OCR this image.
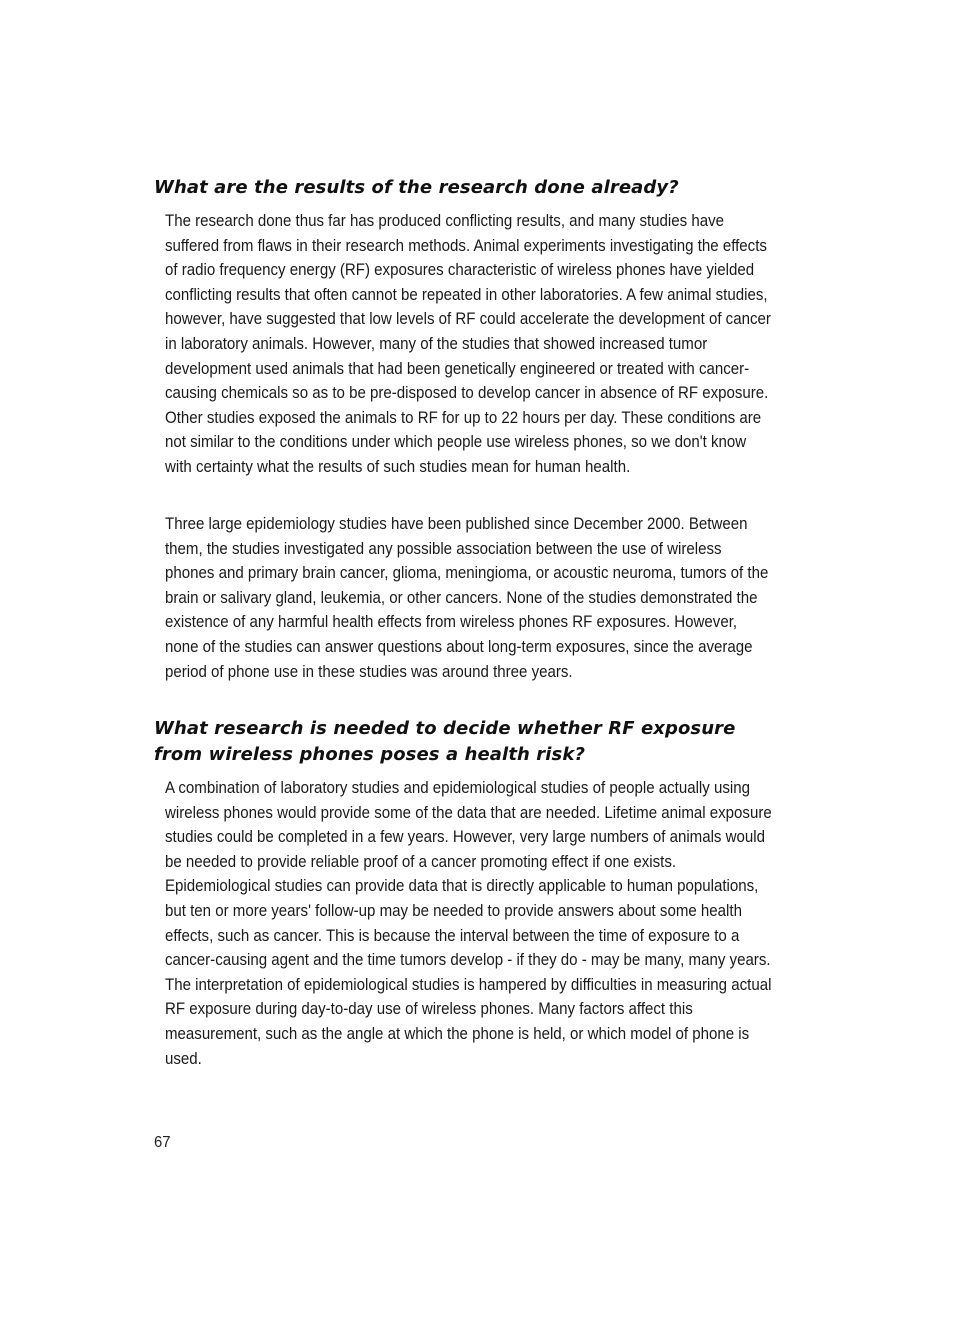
What are the results of the research done already?

The research done thus far has produced conflicting results, and many studies have suffered from flaws in their research methods. Animal experiments investigating the effects of radio frequency energy (RF) exposures characteristic of wireless phones have yielded conflicting results that often cannot be repeated in other laboratories. A few animal studies, however, have suggested that low levels of RF could accelerate the development of cancer in laboratory animals. However, many of the studies that showed increased tumor development used animals that had been genetically engineered or treated with cancer-causing chemicals so as to be pre-disposed to develop cancer in absence of RF exposure. Other studies exposed the animals to RF for up to 22 hours per day. These conditions are not similar to the conditions under which people use wireless phones, so we don't know with certainty what the results of such studies mean for human health.

Three large epidemiology studies have been published since December 2000. Between them, the studies investigated any possible association between the use of wireless phones and primary brain cancer, glioma, meningioma, or acoustic neuroma, tumors of the brain or salivary gland, leukemia, or other cancers. None of the studies demonstrated the existence of any harmful health effects from wireless phones RF exposures. However, none of the studies can answer questions about long-term exposures, since the average period of phone use in these studies was around three years.

What research is needed to decide whether RF exposure from wireless phones poses a health risk?

A combination of laboratory studies and epidemiological studies of people actually using wireless phones would provide some of the data that are needed. Lifetime animal exposure studies could be completed in a few years. However, very large numbers of animals would be needed to provide reliable proof of a cancer promoting effect if one exists. Epidemiological studies can provide data that is directly applicable to human populations, but ten or more years' follow-up may be needed to provide answers about some health effects, such as cancer. This is because the interval between the time of exposure to a cancer-causing agent and the time tumors develop - if they do - may be many, many years. The interpretation of epidemiological studies is hampered by difficulties in measuring actual RF exposure during day-to-day use of wireless phones. Many factors affect this measurement, such as the angle at which the phone is held, or which model of phone is used.

67
